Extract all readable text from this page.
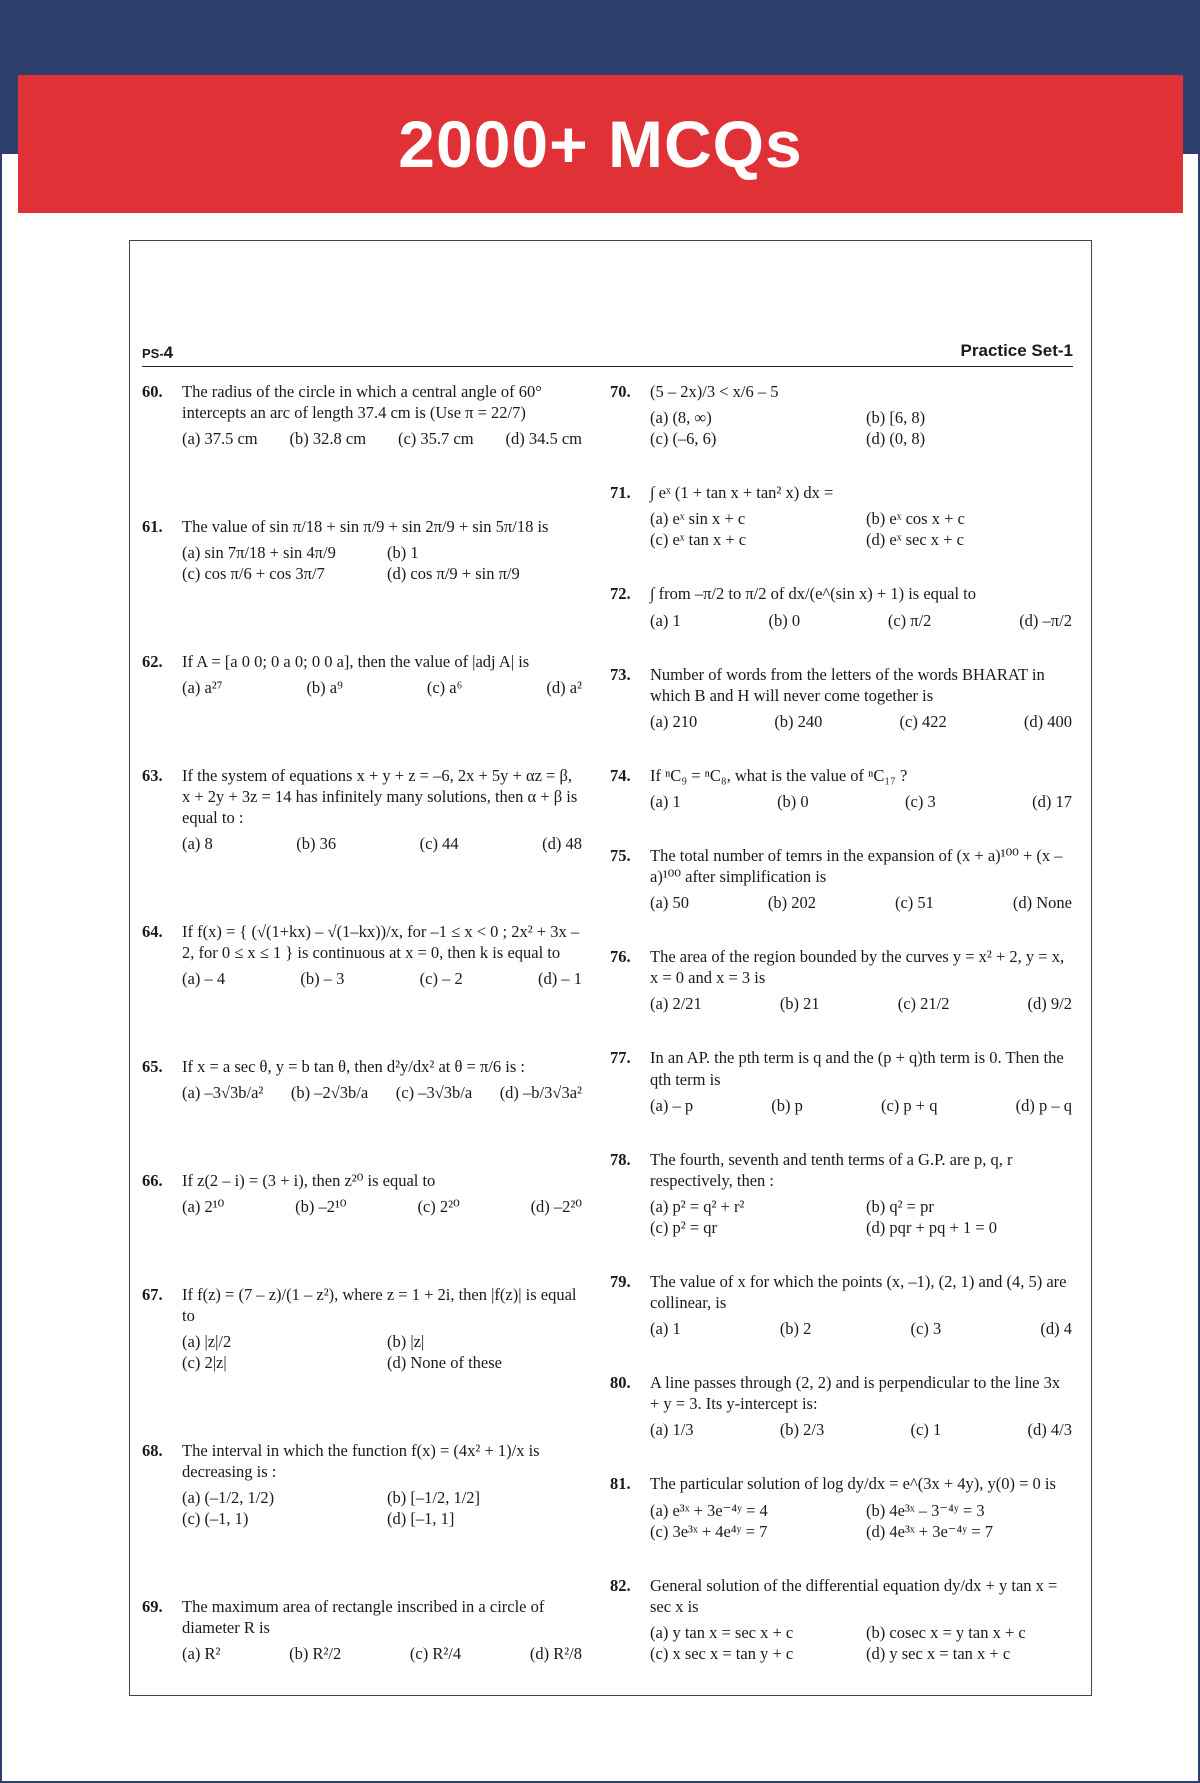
2000+ MCQs
PS-4	Practice Set-1
60.	The radius of the circle in which a central angle of 60° intercepts an arc of length 37.4 cm is (Use π = 22/7)
(a) 37.5 cm (b) 32.8 cm (c) 35.7 cm (d) 34.5 cm
61.	The value of sin π/18 + sin π/9 + sin 2π/9 + sin 5π/18 is
(a) sin 7π/18 + sin 4π/9	(b) 1
(c) cos π/6 + cos 3π/7	(d) cos π/9 + sin π/9
62.	If A = [a 0 0; 0 a 0; 0 0 a], then the value of |adj A| is
(a) a²⁷	(b) a⁹	(c) a⁶	(d) a²
63.	If the system of equations x + y + z = –6, 2x + 5y + αz = β, x + 2y + 3z = 14 has infinitely many solutions, then α + β is equal to :
(a) 8	(b) 36	(c) 44	(d) 48
64.	If f(x) = { (√(1+kx) – √(1–kx))/x, for –1 ≤ x < 0 ; 2x² + 3x – 2, for 0 ≤ x ≤ 1 } is continuous at x = 0, then k is equal to
(a) – 4	(b) – 3	(c) – 2	(d) – 1
65.	If x = a sec θ, y = b tan θ, then d²y/dx² at θ = π/6 is :
(a) –3√3b/a² (b) –2√3b/a (c) –3√3b/a (d) –b/3√3a²
66.	If z(2 – i) = (3 + i), then z²⁰ is equal to
(a) 2¹⁰	(b) –2¹⁰	(c) 2²⁰	(d) –2²⁰
67.	If f(z) = (7 – z)/(1 – z²), where z = 1 + 2i, then |f(z)| is equal to
(a) |z|/2	(b) |z|
(c) 2|z|	(d) None of these
68.	The interval in which the function f(x) = (4x² + 1)/x is decreasing is :
(a) (–1/2, 1/2)	(b) [–1/2, 1/2]
(c) (–1, 1)	(d) [–1, 1]
69.	The maximum area of rectangle inscribed in a circle of diameter R is
(a) R²	(b) R²/2	(c) R²/4	(d) R²/8
70.	(5 – 2x)/3 < x/6 – 5
(a) (8, ∞)	(b) [6, 8)
(c) (–6, 6)	(d) (0, 8)
71.	∫ eˣ (1 + tan x + tan² x) dx =
(a) eˣ sin x + c	(b) eˣ cos x + c
(c) eˣ tan x + c	(d) eˣ sec x + c
72.	∫ from –π/2 to π/2 of dx/(e^(sin x) + 1) is equal to
(a) 1	(b) 0	(c) π/2	(d) –π/2
73.	Number of words from the letters of the words BHARAT in which B and H will never come together is
(a) 210	(b) 240	(c) 422	(d) 400
74.	If ⁿC₉ = ⁿC₈, what is the value of ⁿC₁₇ ?
(a) 1	(b) 0	(c) 3	(d) 17
75.	The total number of temrs in the expansion of (x + a)¹⁰⁰ + (x – a)¹⁰⁰ after simplification is
(a) 50	(b) 202	(c) 51	(d) None
76.	The area of the region bounded by the curves y = x² + 2, y = x, x = 0 and x = 3 is
(a) 2/21	(b) 21	(c) 21/2	(d) 9/2
77.	In an AP. the pth term is q and the (p + q)th term is 0. Then the qth term is
(a) – p	(b) p	(c) p + q	(d) p – q
78.	The fourth, seventh and tenth terms of a G.P. are p, q, r respectively, then :
(a) p² = q² + r²	(b) q² = pr
(c) p² = qr	(d) pqr + pq + 1 = 0
79.	The value of x for which the points (x, –1), (2, 1) and (4, 5) are collinear, is
(a) 1	(b) 2	(c) 3	(d) 4
80.	A line passes through (2, 2) and is perpendicular to the line 3x + y = 3. Its y-intercept is:
(a) 1/3	(b) 2/3	(c) 1	(d) 4/3
81.	The particular solution of log dy/dx = e^(3x + 4y), y(0) = 0 is
(a) e³ˣ + 3e⁻⁴ʸ = 4	(b) 4e³ˣ – 3⁻⁴ʸ = 3
(c) 3e³ˣ + 4e⁴ʸ = 7	(d) 4e³ˣ + 3e⁻⁴ʸ = 7
82.	General solution of the differential equation dy/dx + y tan x = sec x is
(a) y tan x = sec x + c	(b) cosec x = y tan x + c
(c) x sec x = tan y + c	(d) y sec x = tan x + c
